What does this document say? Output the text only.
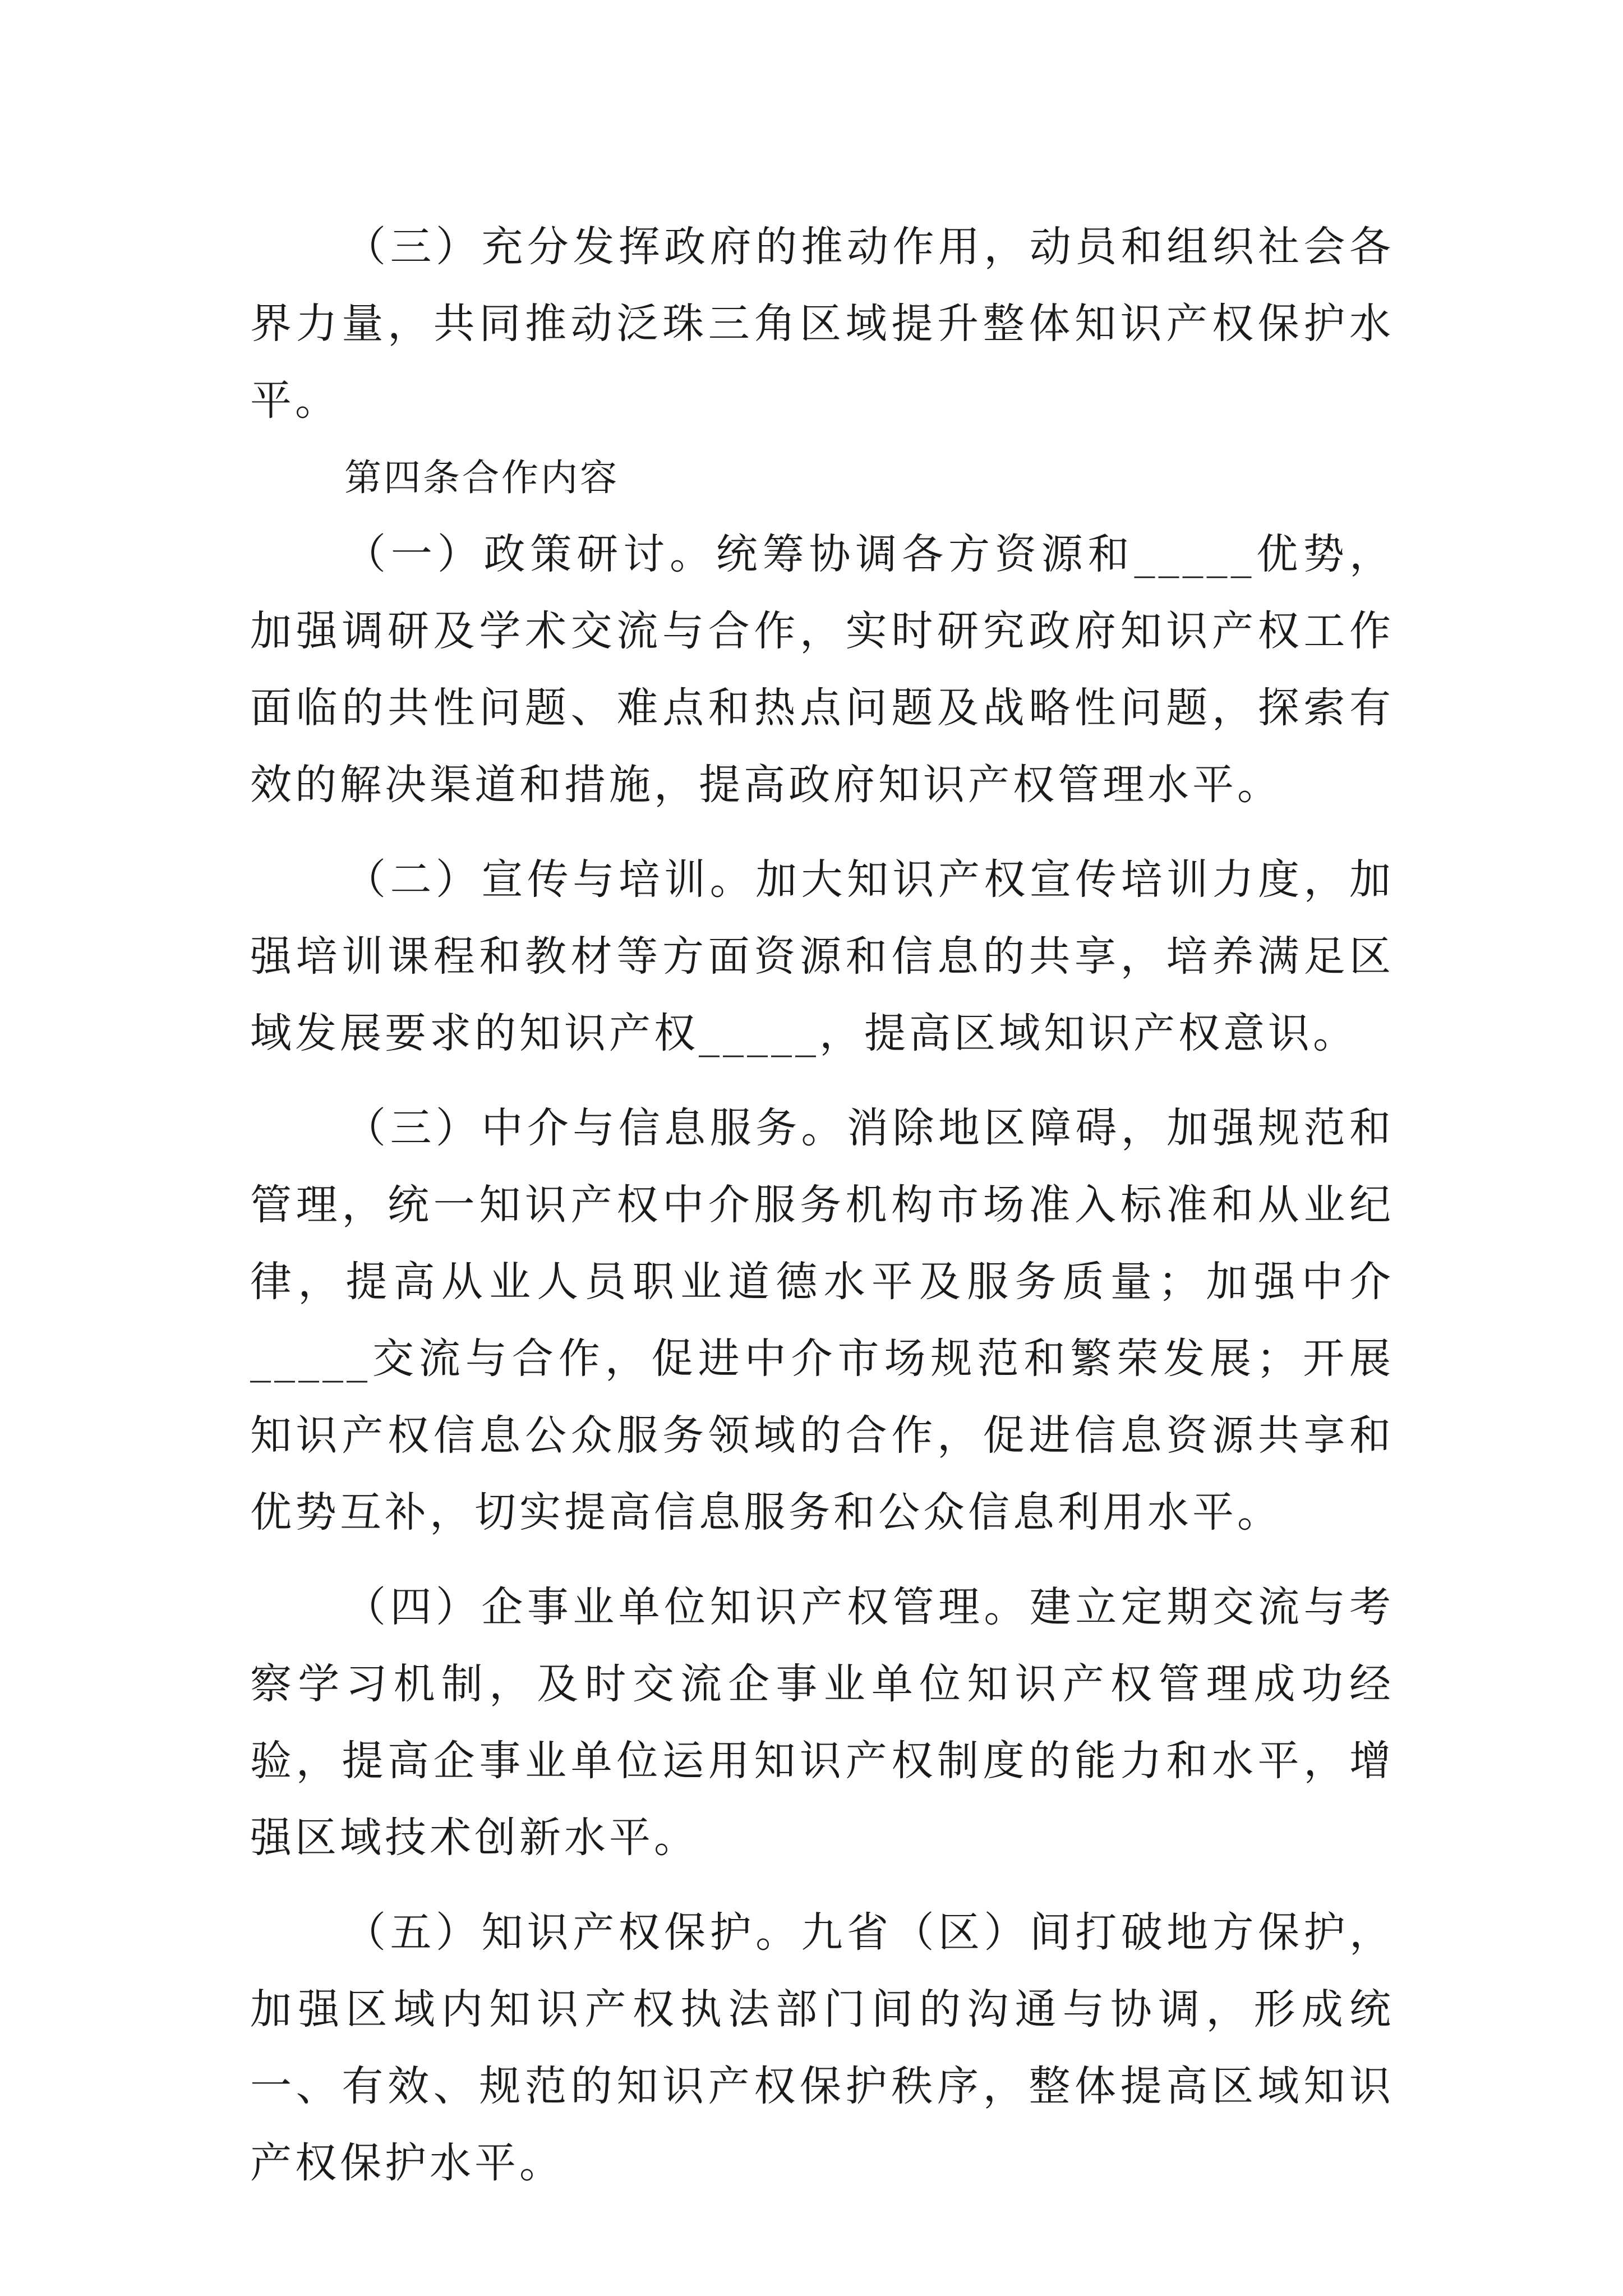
（三）充分发挥政府的推动作用，动员和组织社会各界力量，共同推动泛珠三角区域提升整体知识产权保护水平。

第四条合作内容

（一）政策研讨。统筹协调各方资源和_____优势，加强调研及学术交流与合作，实时研究政府知识产权工作面临的共性问题、难点和热点问题及战略性问题，探索有效的解决渠道和措施，提高政府知识产权管理水平。

（二）宣传与培训。加大知识产权宣传培训力度，加强培训课程和教材等方面资源和信息的共享，培养满足区域发展要求的知识产权_____，提高区域知识产权意识。

（三）中介与信息服务。消除地区障碍，加强规范和管理，统一知识产权中介服务机构市场准入标准和从业纪律，提高从业人员职业道德水平及服务质量；加强中介_____交流与合作，促进中介市场规范和繁荣发展；开展知识产权信息公众服务领域的合作，促进信息资源共享和优势互补，切实提高信息服务和公众信息利用水平。

（四）企事业单位知识产权管理。建立定期交流与考察学习机制，及时交流企事业单位知识产权管理成功经验，提高企事业单位运用知识产权制度的能力和水平，增强区域技术创新水平。

（五）知识产权保护。九省（区）间打破地方保护，加强区域内知识产权执法部门间的沟通与协调，形成统一、有效、规范的知识产权保护秩序，整体提高区域知识产权保护水平。
